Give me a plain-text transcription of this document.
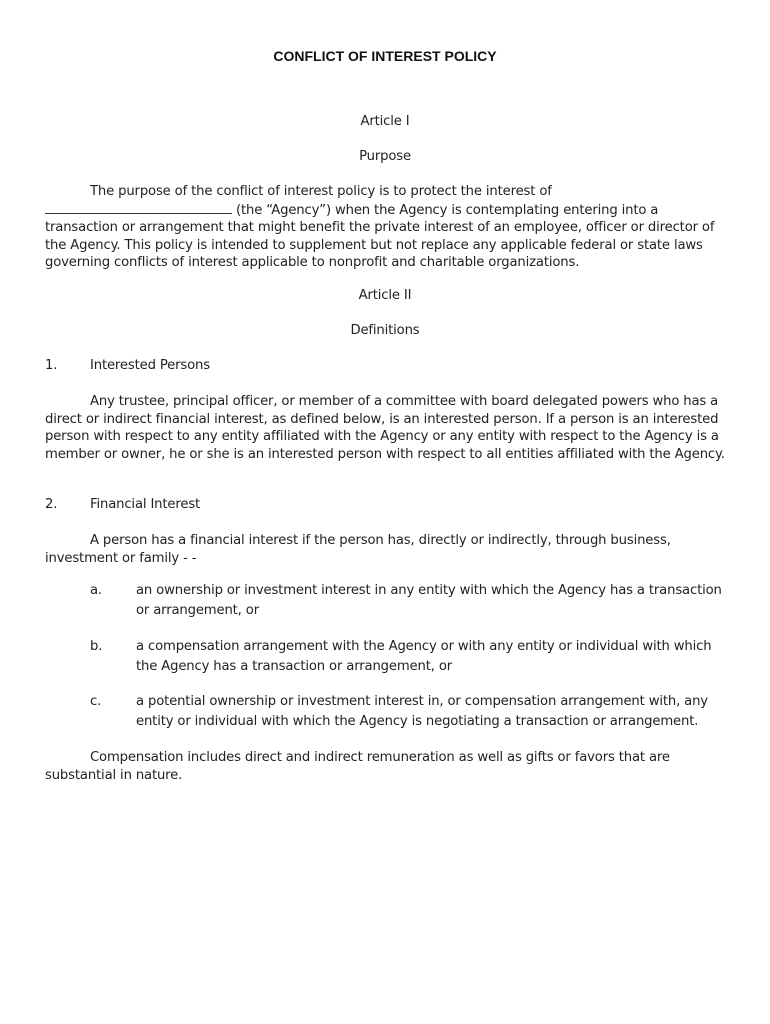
CONFLICT OF INTEREST POLICY
Article I
Purpose
The purpose of the conflict of interest policy is to protect the interest of
(the “Agency”) when the Agency is contemplating entering into a transaction or arrangement that might benefit the private interest of an employee, officer or director of the Agency. This policy is intended to supplement but not replace any applicable federal or state laws governing conflicts of interest applicable to nonprofit and charitable organizations.
Article II
Definitions
1. Interested Persons

Any trustee, principal officer, or member of a committee with board delegated powers who has a direct or indirect financial interest, as defined below, is an interested person. If a person is an interested person with respect to any entity affiliated with the Agency or any entity with respect to the Agency is a member or owner, he or she is an interested person with respect to all entities affiliated with the Agency.

2. Financial Interest

A person has a financial interest if the person has, directly or indirectly, through business, investment or family - -

a.	an ownership or investment interest in any entity with which the Agency has a transaction or arrangement, or
b.	a compensation arrangement with the Agency or with any entity or individual with which the Agency has a transaction or arrangement, or
c.	a potential ownership or investment interest in, or compensation arrangement with, any entity or individual with which the Agency is negotiating a transaction or arrangement.

Compensation includes direct and indirect remuneration as well as gifts or favors that are substantial in nature.
